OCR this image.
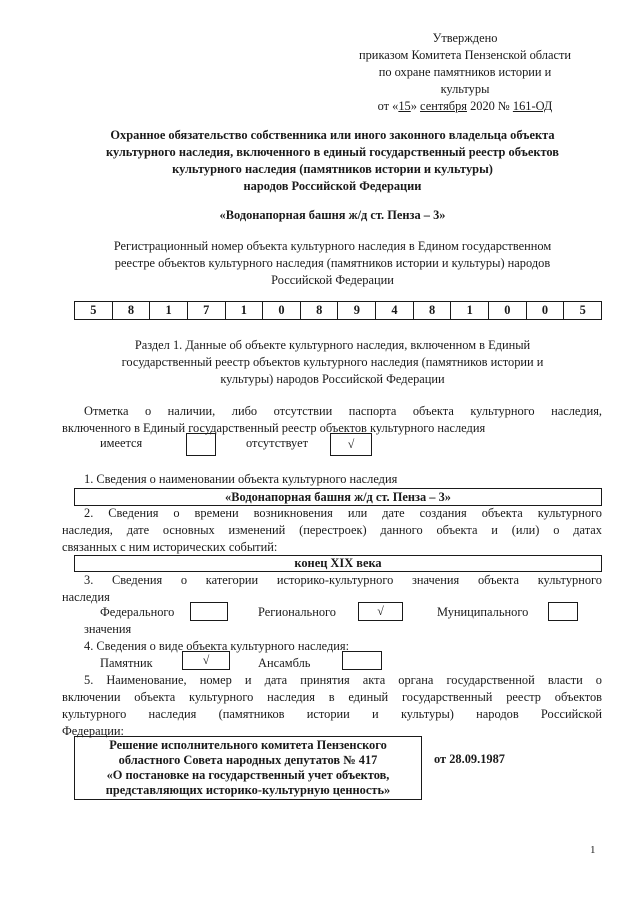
Утверждено
приказом Комитета Пензенской области
по охране памятников истории и
культуры
от «15» сентября 2020 № 161-ОД
Охранное обязательство собственника или иного законного владельца объекта
культурного наследия, включенного в единый государственный реестр объектов
культурного наследия (памятников истории и культуры)
народов Российской Федерации
«Водонапорная башня ж/д ст. Пенза – 3»
Регистрационный номер объекта культурного наследия в Едином государственном
реестре объектов культурного наследия (памятников истории и культуры) народов
Российской Федерации
5	8	1	7	1	0	8	9	4	8	1	0	0	5
Раздел 1. Данные об объекте культурного наследия, включенном в Единый
государственный реестр объектов культурного наследия (памятников истории и
культуры) народов Российской Федерации
Отметка о наличии, либо отсутствии паспорта объекта культурного наследия,
включенного в Единый государственный реестр объектов культурного наследия
имеется	отсутствует	√
1. Сведения о наименовании объекта культурного наследия
«Водонапорная башня ж/д ст. Пенза – 3»
2. Сведения о времени возникновения или дате создания объекта культурного
наследия, дате основных изменений (перестроек) данного объекта и (или) о датах
связанных с ним исторических событий:
конец XIX века
3. Сведения о категории историко-культурного значения объекта культурного
наследия
Федерального	Регионального	√	Муниципального
значения
4. Сведения о виде объекта культурного наследия:
Памятник	√	Ансамбль
5. Наименование, номер и дата принятия акта органа государственной власти о
включении объекта культурного наследия в единый государственный реестр объектов
культурного наследия (памятников истории и культуры) народов Российской
Федерации:
Решение исполнительного комитета Пензенского
областного Совета народных депутатов № 417
«О постановке на государственный учет объектов,
представляющих историко-культурную ценность»
от 28.09.1987
1
